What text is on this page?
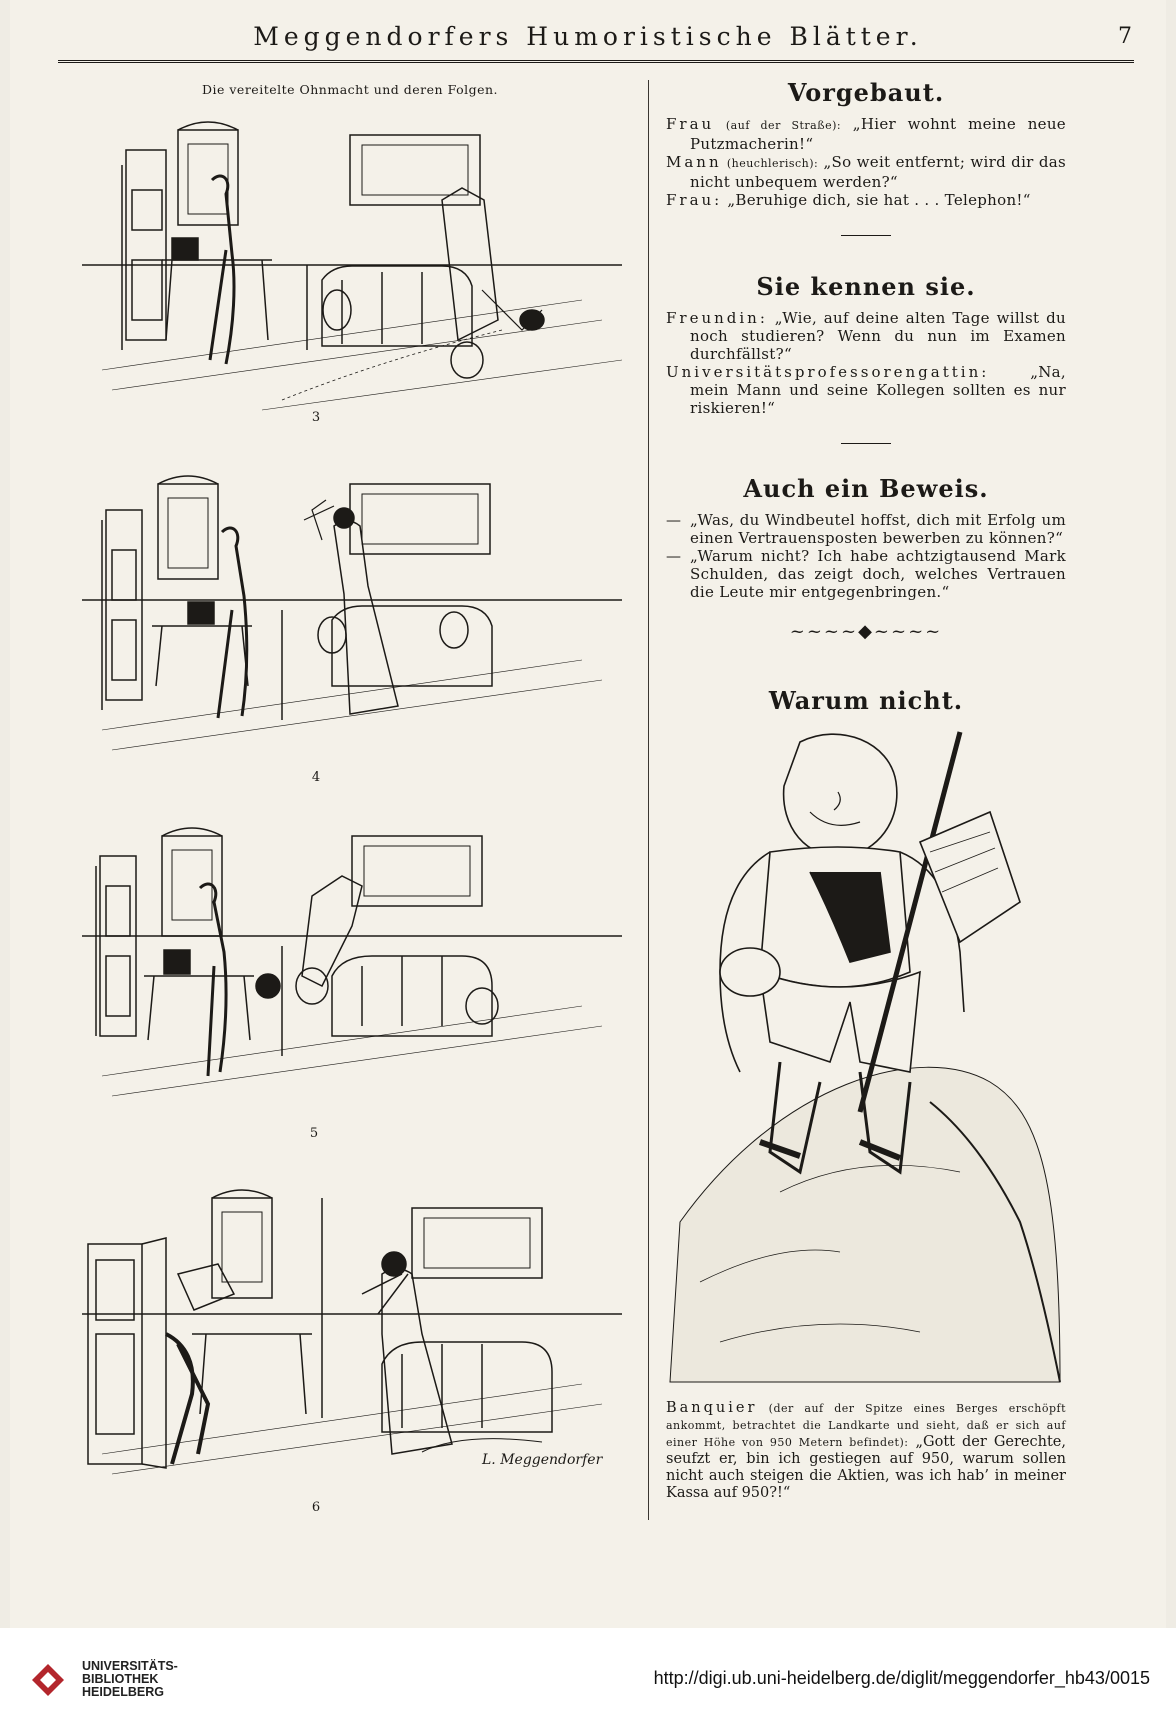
Meggendorfers Humoristische Blätter.	7
Die vereitelte Ohnmacht und deren Folgen.
3
4
5
L. Meggendorfer
6
Vorgebaut.

Frau (auf der Straße): „Hier wohnt meine neue Putzmacherin!“

Mann (heuchlerisch): „So weit entfernt; wird dir das nicht unbequem werden?“

Frau: „Beruhige dich, sie hat . . . Telephon!“

Sie kennen sie.

Freundin: „Wie, auf deine alten Tage willst du noch studieren? Wenn du nun im Examen durchfällst?“

Universitätsprofessorengattin:	„Na, mein Mann und seine Kollegen sollten es nur riskieren!“

Auch ein Beweis.

— „Was, du Windbeutel hoffst, dich mit Erfolg um einen Vertrauensposten bewerben zu können?“

— „Warum nicht? Ich habe achtzigtausend Mark Schulden, das zeigt doch, welches Vertrauen die Leute mir entgegenbringen.“

~~~~◆~~~~
Warum nicht.

Banquier (der auf der Spitze eines Berges erschöpft ankommt, betrachtet die Landkarte und sieht, daß er sich auf einer Höhe von 950 Metern befindet): „Gott der Gerechte, seufzt er, bin ich gestiegen auf 950, warum sollen nicht auch steigen die Aktien, was ich hab’ in meiner Kassa auf 950?!“

UNIVERSITÄTS-
BIBLIOTHEK
HEIDELBERG
http://digi.ub.uni-heidelberg.de/diglit/meggendorfer_hb43/0015
